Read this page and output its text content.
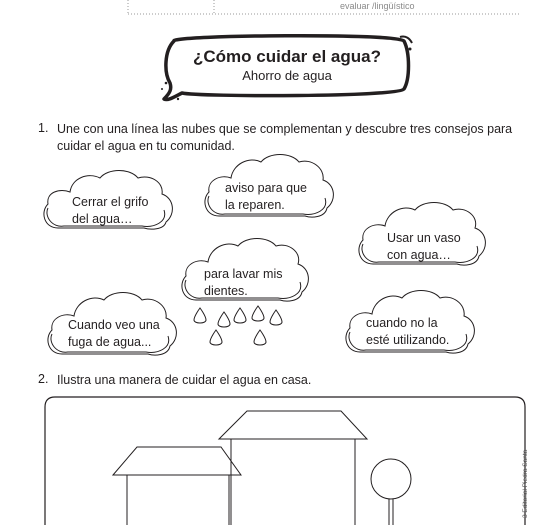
evaluar /lingüístico

¿Cómo cuidar el agua?

Ahorro de agua

1. Une con una línea las nubes que se complementan y descubre tres consejos para cuidar el agua en tu comunidad.

Cerrar el grifo

del agua…

aviso para que

la reparen.

Usar un vaso

con agua…

para lavar mis

dientes.

Cuando veo una

fuga de agua...

cuando no la

esté utilizando.

2. Ilustra una manera de cuidar el agua en casa.

3 Editorial Piedra Santa
